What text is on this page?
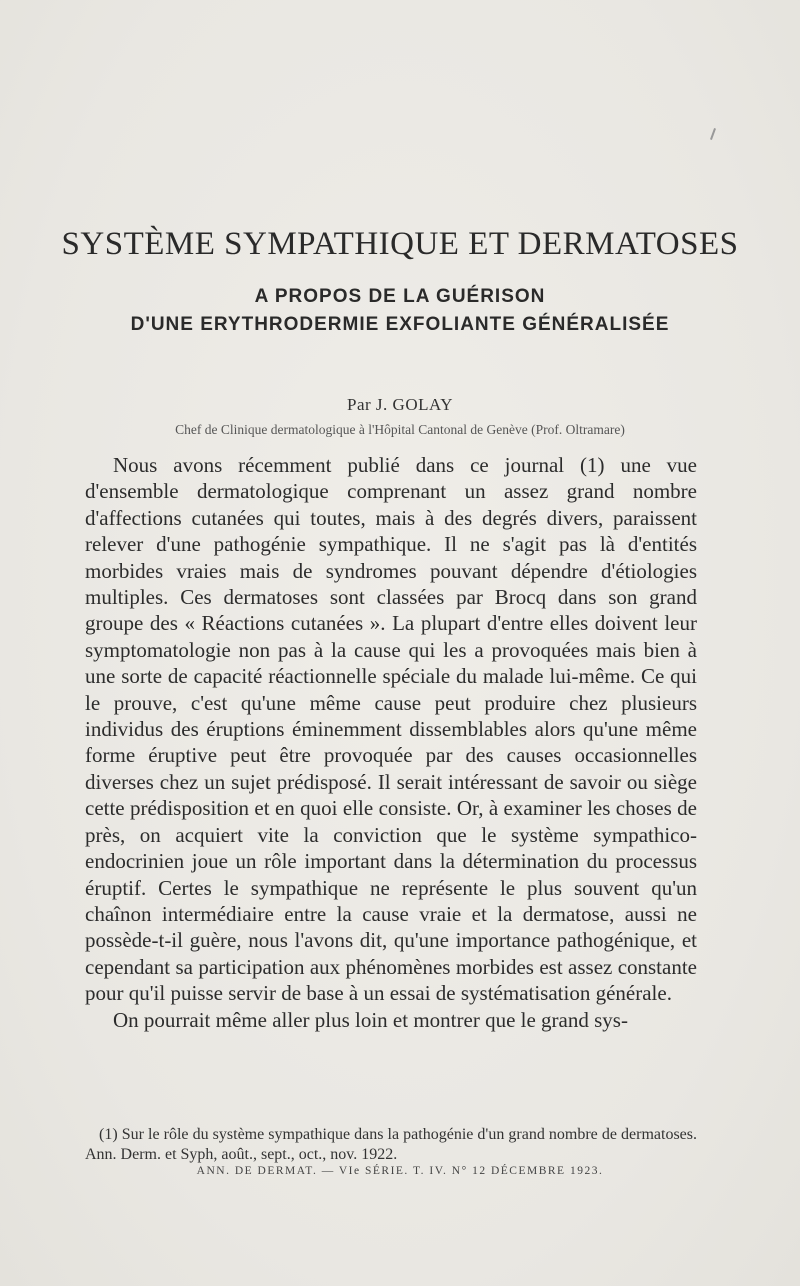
SYSTÈME SYMPATHIQUE ET DERMATOSES
A PROPOS DE LA GUÉRISON
D'UNE ERYTHRODERMIE EXFOLIANTE GÉNÉRALISÉE
Par J. GOLAY
Chef de Clinique dermatologique à l'Hôpital Cantonal de Genève (Prof. Oltramare)

Nous avons récemment publié dans ce journal (1) une vue d'ensemble dermatologique comprenant un assez grand nombre d'affections cutanées qui toutes, mais à des degrés divers, paraissent relever d'une pathogénie sympathique. Il ne s'agit pas là d'entités morbides vraies mais de syndromes pouvant dépendre d'étiologies multiples. Ces dermatoses sont classées par Brocq dans son grand groupe des « Réactions cutanées ». La plupart d'entre elles doivent leur symptomatologie non pas à la cause qui les a provoquées mais bien à une sorte de capacité réactionnelle spéciale du malade lui-même. Ce qui le prouve, c'est qu'une même cause peut produire chez plusieurs individus des éruptions éminemment dissemblables alors qu'une même forme éruptive peut être provoquée par des causes occasionnelles diverses chez un sujet prédisposé. Il serait intéressant de savoir ou siège cette prédisposition et en quoi elle consiste. Or, à examiner les choses de près, on acquiert vite la conviction que le système sympathico-endocrinien joue un rôle important dans la détermination du processus éruptif. Certes le sympathique ne représente le plus souvent qu'un chaînon intermédiaire entre la cause vraie et la dermatose, aussi ne possède-t-il guère, nous l'avons dit, qu'une importance pathogénique, et cependant sa participation aux phénomènes morbides est assez constante pour qu'il puisse servir de base à un essai de systématisation générale.

On pourrait même aller plus loin et montrer que le grand sys-

(1) Sur le rôle du système sympathique dans la pathogénie d'un grand nombre de dermatoses. Ann. Derm. et Syph, août., sept., oct., nov. 1922.

ANN. DE DERMAT. — VIe SÉRIE. T. IV. N° 12 DÉCEMBRE 1923.
